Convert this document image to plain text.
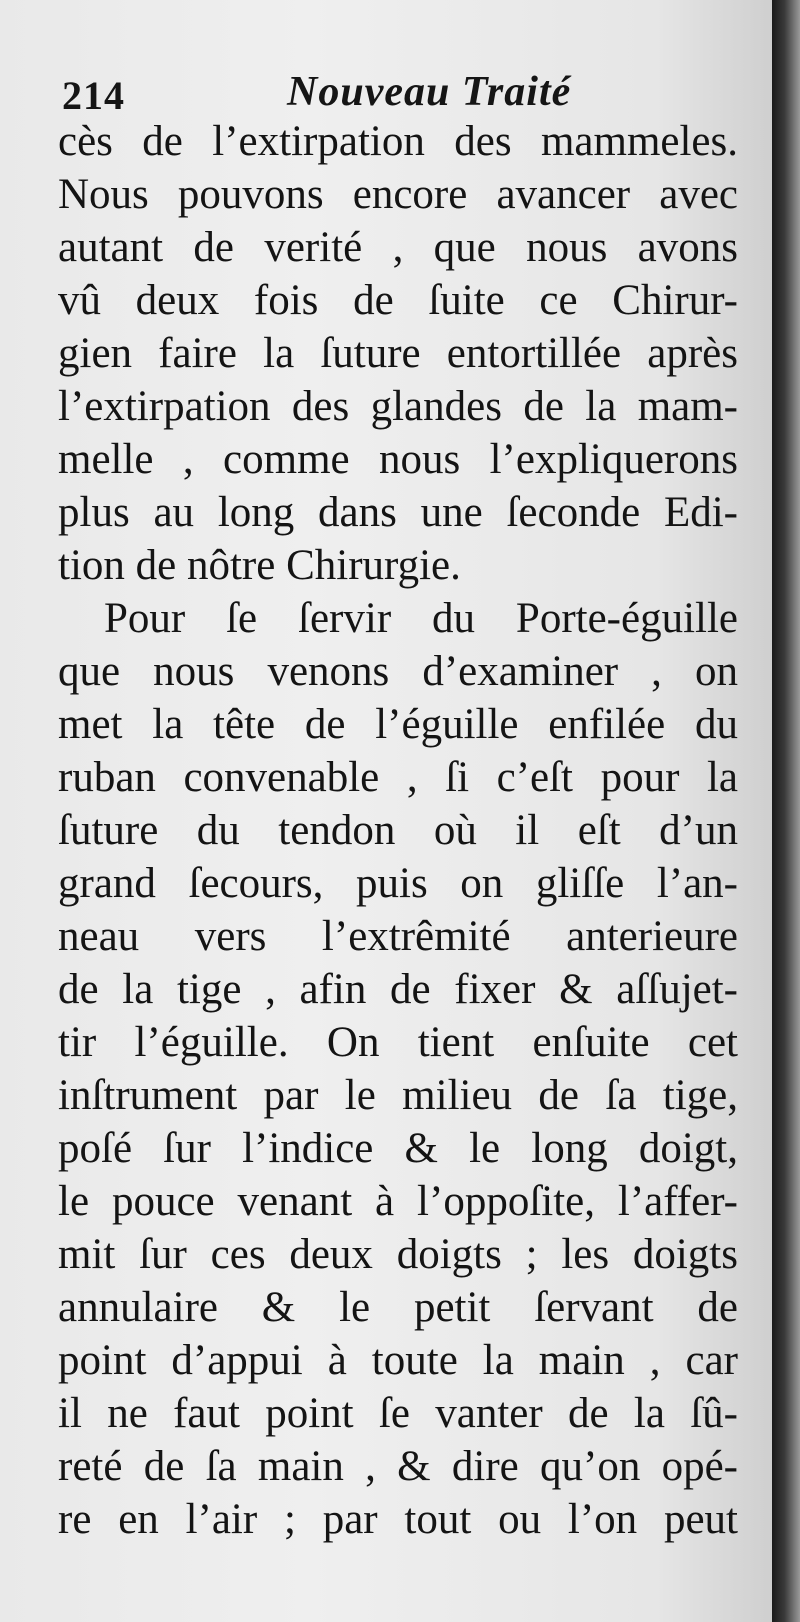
214	Nouveau Traité
cès de l’extirpation des mammeles.
Nous pouvons encore avancer avec
autant de verité , que nous avons
vû deux fois de ſuite ce Chirur-
gien faire la ſuture entortillée après
l’extirpation des glandes de la mam-
melle , comme nous l’expliquerons
plus au long dans une ſeconde Edi-
tion de nôtre Chirurgie.
Pour ſe ſervir du Porte-éguille
que nous venons d’examiner , on
met la tête de l’éguille enfilée du
ruban convenable , ſi c’eſt pour la
ſuture du tendon où il eſt d’un
grand ſecours, puis on gliſſe l’an-
neau vers l’extrêmité anterieure
de la tige , afin de fixer & aſſujet-
tir l’éguille. On tient enſuite cet
inſtrument par le milieu de ſa tige,
poſé ſur l’indice & le long doigt,
le pouce venant à l’oppoſite, l’affer-
mit ſur ces deux doigts ; les doigts
annulaire & le petit ſervant de
point d’appui à toute la main , car
il ne faut point ſe vanter de la ſû-
reté de ſa main , & dire qu’on opé-
re en l’air ; par tout ou l’on peut
